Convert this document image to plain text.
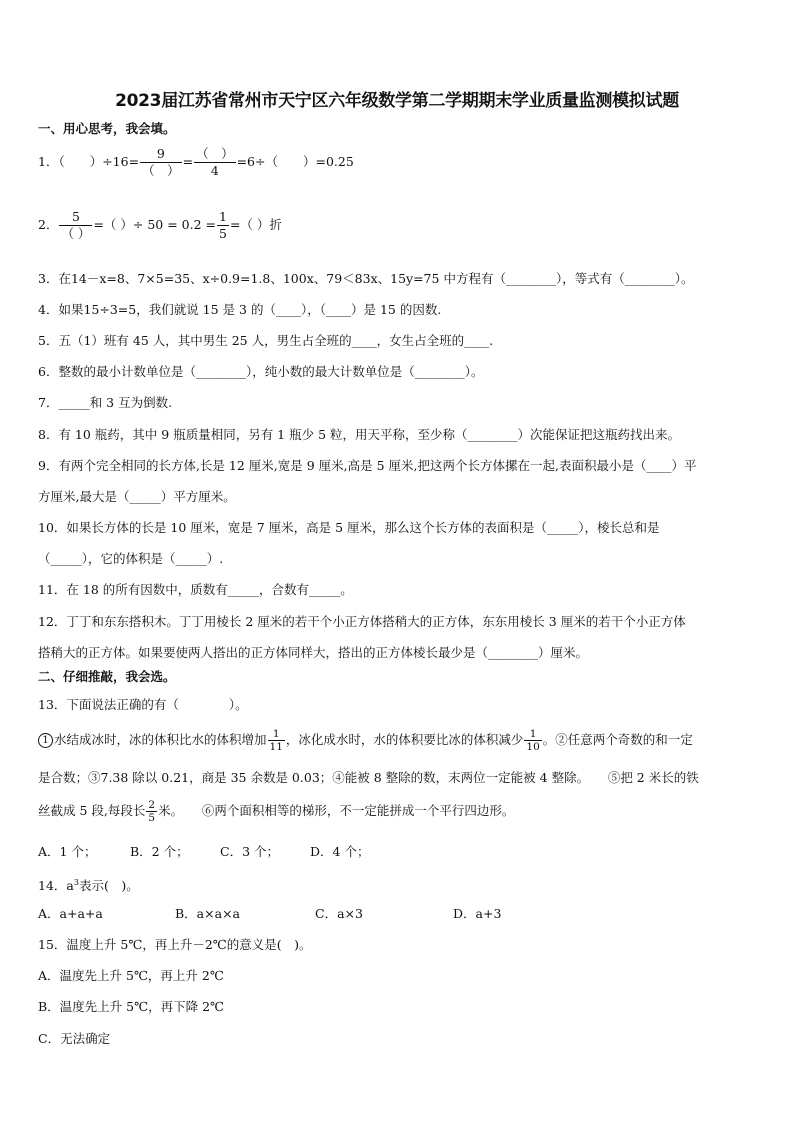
2023届江苏省常州市天宁区六年级数学第二学期期末学业质量监测模拟试题
一、用心思考，我会填。
1．（　　）$\div 16= \frac{9}{( )} = \frac{( )}{4} =6\div$（　　）=0.25
2． $\frac{5}{( )}$ =（ ）÷ $50 = 0.2 = \frac{1}{5}$ =（ ）折
3．在14－x=8、7×5=35、x÷0.9=1.8、100x、79＜83x、15y=75 中方程有（________），等式有（________）。
4．如果15÷3=5，我们就说 15 是 3 的（____），（____）是 15 的因数.
5．五（1）班有 45 人，其中男生 25 人，男生占全班的____，女生占全班的____.
6．整数的最小计数单位是（________），纯小数的最大计数单位是（________）。
7．_____和 3 互为倒数.
8．有 10 瓶药，其中 9 瓶质量相同，另有 1 瓶少 5 粒，用天平称，至少称（________）次能保证把这瓶药找出来。
9．有两个完全相同的长方体,长是 12 厘米,宽是 9 厘米,高是 5 厘米,把这两个长方体摞在一起,表面积最小是（____）平
方厘米,最大是（_____）平方厘米。
10．如果长方体的长是 10 厘米，宽是 7 厘米，高是 5 厘米，那么这个长方体的表面积是（_____），棱长总和是
（_____），它的体积是（_____）.
11．在 18 的所有因数中，质数有_____，合数有_____。
12．丁丁和东东搭积木。丁丁用棱长 2 厘米的若干个小正方体搭稍大的正方体，东东用棱长 3 厘米的若干个小正方体
搭稍大的正方体。如果要使两人搭出的正方体同样大，搭出的正方体棱长最少是（________）厘米。
二、仔细推敲，我会选。
13．下面说法正确的有（　　　　）。
1 水结成冰时，冰的体积比水的体积增加 $\frac{1}{11}$ ，冰化成水时，水的体积要比冰的体积减少 $\frac{1}{10}$ 。②任意两个奇数的和一定
是合数；③7.38 除以 0.21，商是 35 余数是 0.03；④能被 8 整除的数，末两位一定能被 4 整除。　　⑤把 2 米长的铁
丝截成 5 段,每段长 $\frac{2}{5}$ 米。　　⑥两个面积相等的梯形，不一定能拼成一个平行四边形。
A．1 个；	B．2 个；	C．3 个； D．4 个；
14．$a^3$表示(　)。
A．a+a+a	B．a×a×a	C．a×3	D．a+3
15．温度上升 5℃，再上升－2℃的意义是(　)。
A．温度先上升 5℃，再上升 2℃
B．温度先上升 5℃，再下降 2℃
C．无法确定
